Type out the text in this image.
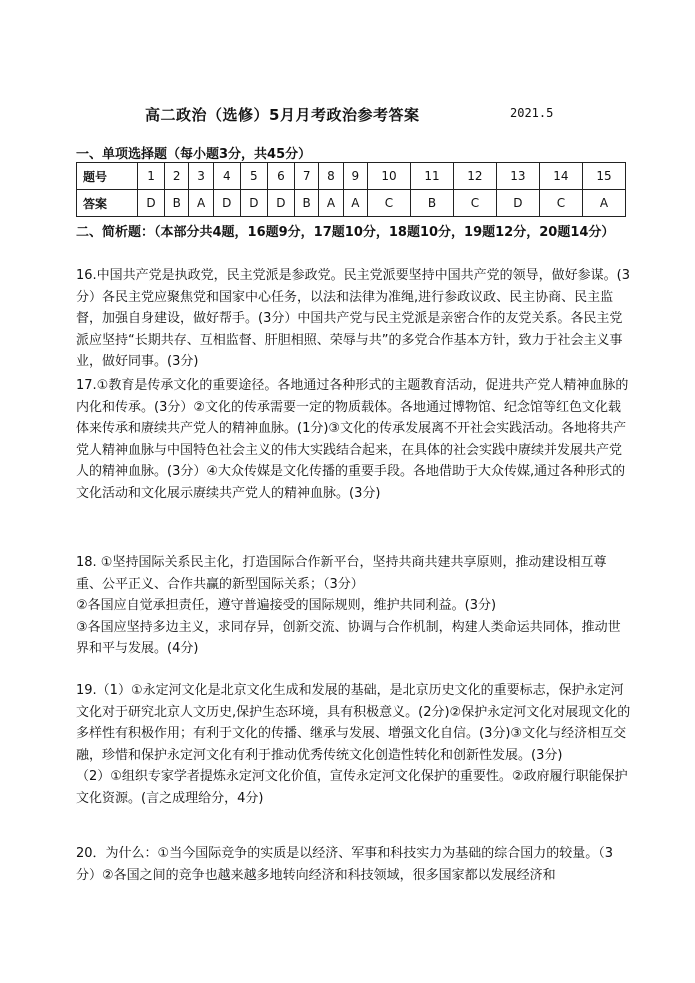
高二政治（选修）5月月考政治参考答案	2021.5
一、单项选择题（每小题3分，共45分）
题号	1	2	3	4	5	6	7	8	9	10	11	12	13	14	15
答案	D	B	A	D	D	D	B	A	A	C	B	C	D	C	A
二、简析题：（本部分共4题，16题9分，17题10分，18题10分，19题12分，20题14分）

16.中国共产党是执政党，民主党派是参政党。民主党派要坚持中国共产党的领导，做好参谋。(3分）各民主党应聚焦党和国家中心任务，以法和法律为准绳,进行参政议政、民主协商、民主监督，加强自身建设，做好帮手。(3分）中国共产党与民主党派是亲密合作的友党关系。各民主党派应坚持“长期共存、互相监督、肝胆相照、荣辱与共”的多党合作基本方针，致力于社会主义事业，做好同事。(3分)

17.①教育是传承文化的重要途径。各地通过各种形式的主题教育活动，促进共产党人精神血脉的内化和传承。(3分）②文化的传承需要一定的物质载体。各地通过博物馆、纪念馆等红色文化载体来传承和赓续共产党人的精神血脉。(1分)③文化的传承发展离不开社会实践活动。各地将共产党人精神血脉与中国特色社会主义的伟大实践结合起来，在具体的社会实践中赓续并发展共产党人的精神血脉。(3分）④大众传媒是文化传播的重要手段。各地借助于大众传媒,通过各种形式的文化活动和文化展示赓续共产党人的精神血脉。(3分)

18. ①坚持国际关系民主化，打造国际合作新平台，坚持共商共建共享原则，推动建设相互尊重、公平正义、合作共赢的新型国际关系；（3分）

②各国应自觉承担责任，遵守普遍接受的国际规则，维护共同利益。(3分)

③各国应坚持多边主义，求同存异，创新交流、协调与合作机制，构建人类命运共同体，推动世界和平与发展。(4分)

19.（1）①永定河文化是北京文化生成和发展的基础，是北京历史文化的重要标志，保护永定河文化对于研究北京人文历史,保护生态环境，具有积极意义。(2分)②保护永定河文化对展现文化的多样性有积极作用；有利于文化的传播、继承与发展、增强文化自信。(3分)③文化与经济相互交融，珍惜和保护永定河文化有利于推动优秀传统文化创造性转化和创新性发展。(3分)

（2）①组织专家学者提炼永定河文化价值，宣传永定河文化保护的重要性。②政府履行职能保护文化资源。(言之成理给分，4分)

20．为什么：①当今国际竞争的实质是以经济、军事和科技实力为基础的综合国力的较量。（3分）②各国之间的竞争也越来越多地转向经济和科技领域，很多国家都以发展经济和
